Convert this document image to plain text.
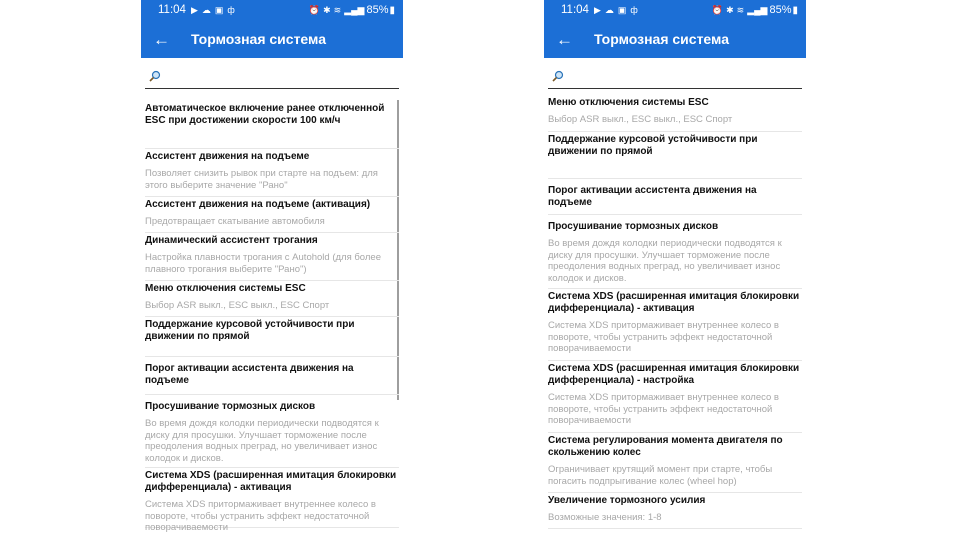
11:04 ▶ ☁ ▣ ф	⏰ ✱ ≋ ▂▄▆ 85% ▮
←	Тормозная система
Автоматическое включение ранее отключенной ESC при достижении скорости 100 км/ч
Ассистент движения на подъеме
Позволяет снизить рывок при старте на подъем: для этого выберите значение "Рано"
Ассистент движения на подъеме (активация)
Предотвращает скатывание автомобиля
Динамический ассистент трогания
Настройка плавности трогания с Autohold (для более плавного трогания выберите "Рано")
Меню отключения системы ESC
Выбор ASR выкл., ESC выкл., ESC Спорт
Поддержание курсовой устойчивости при движении по прямой
Порог активации ассистента движения на подъеме
Просушивание тормозных дисков
Во время дождя колодки периодически подводятся к диску для просушки. Улучшает торможение после преодоления водных преград, но увеличивает износ колодок и дисков.
Система XDS (расширенная имитация блокировки дифференциала) - активация
Система XDS притормаживает внутреннее колесо в повороте, чтобы устранить эффект недостаточной поворачиваемости
11:04 ▶ ☁ ▣ ф	⏰ ✱ ≋ ▂▄▆ 85% ▮
←	Тормозная система
Меню отключения системы ESC
Выбор ASR выкл., ESC выкл., ESC Спорт
Поддержание курсовой устойчивости при движении по прямой
Порог активации ассистента движения на подъеме
Просушивание тормозных дисков
Во время дождя колодки периодически подводятся к диску для просушки. Улучшает торможение после преодоления водных преград, но увеличивает износ колодок и дисков.
Система XDS (расширенная имитация блокировки дифференциала) - активация
Система XDS притормаживает внутреннее колесо в повороте, чтобы устранить эффект недостаточной поворачиваемости
Система XDS (расширенная имитация блокировки дифференциала) - настройка
Система XDS притормаживает внутреннее колесо в повороте, чтобы устранить эффект недостаточной поворачиваемости
Система регулирования момента двигателя по скольжению колес
Ограничивает крутящий момент при старте, чтобы погасить подпрыгивание колес (wheel hop)
Увеличение тормозного усилия
Возможные значения: 1-8
